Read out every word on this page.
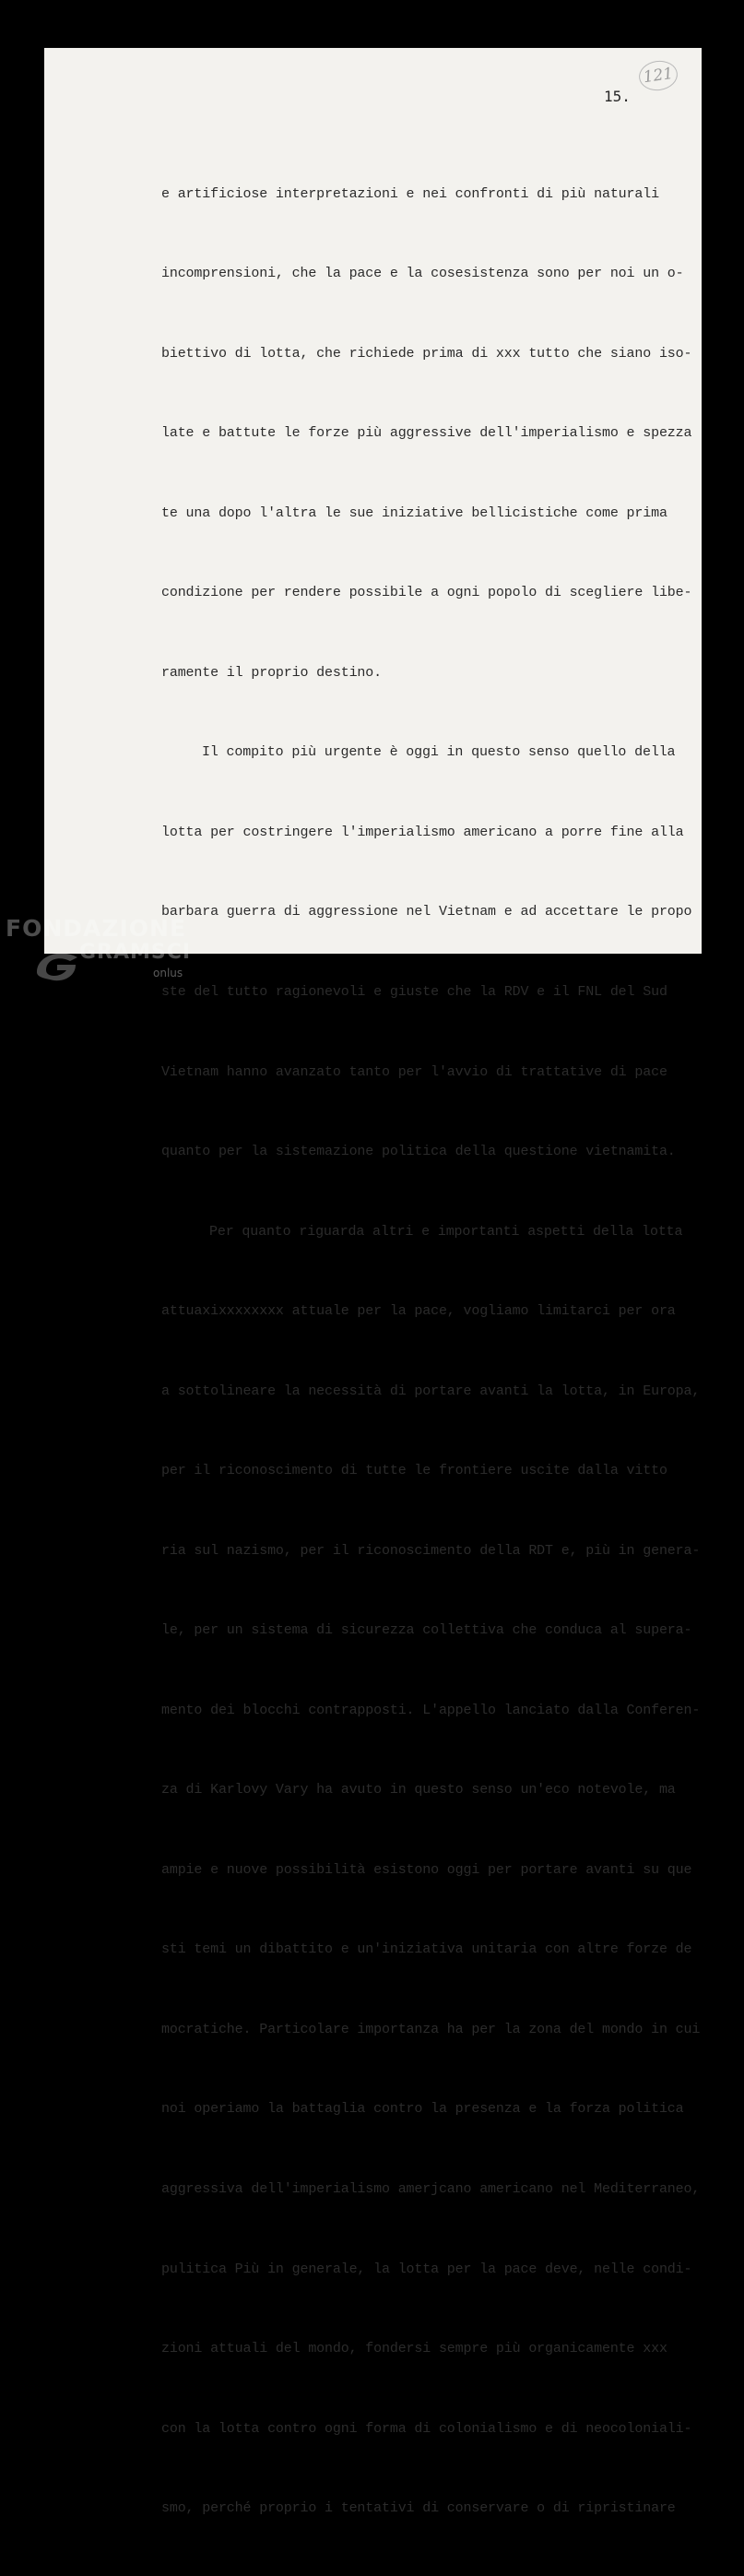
121
15.

e artificiose interpretazioni e nei confronti di più naturali

incomprensioni, che la pace e la cosesistenza sono per noi un o-

biettivo di lotta, che richiede prima di xxx tutto che siano iso-

late e battute le forze più aggressive dell'imperialismo e spezza

te una dopo l'altra le sue iniziative bellicistiche come prima

condizione per rendere possibile a ogni popolo di scegliere libe-

ramente il proprio destino.

Il compito più urgente è oggi in questo senso quello della

lotta per costringere l'imperialismo americano a porre fine alla

barbara guerra di aggressione nel Vietnam e ad accettare le propo

ste del tutto ragionevoli e giuste che la RDV e il FNL del Sud

Vietnam hanno avanzato tanto per l'avvio di trattative di pace

quanto per la sistemazione politica della questione vietnamita.

Per quanto riguarda altri e importanti aspetti della lotta

attuaxixxxxxxxx attuale per la pace, vogliamo limitarci per ora

a sottolineare la necessità di portare avanti la lotta, in Europa,

per il riconoscimento di tutte le frontiere uscite dalla vitto

ria sul nazismo, per il riconoscimento della RDT e, più in genera-

le, per un sistema di sicurezza collettiva che conduca al supera-

mento dei blocchi contrapposti. L'appello lanciato dalla Conferen-

za di Karlovy Vary ha avuto in questo senso un'eco notevole, ma

ampie e nuove possibilità esistono oggi per portare avanti su que

sti temi un dibattito e un'iniziativa unitaria con altre forze de

mocratiche. Particolare importanza ha per la zona del mondo in cui

noi operiamo la battaglia contro la presenza e la forza politica

aggressiva dell'imperialismo amerjcano americano nel Mediterraneo,

pulitica Più in generale, la lotta per la pace deve, nelle condi-

zioni attuali del mondo, fondersi sempre più organicamente xxx

con la lotta contro ogni forma di colonialismo e di neocoloniali-

smo, perché proprio i tentativi di conservare o di ripristinare

FONDAZIONE
GRAMSCI
onlus
